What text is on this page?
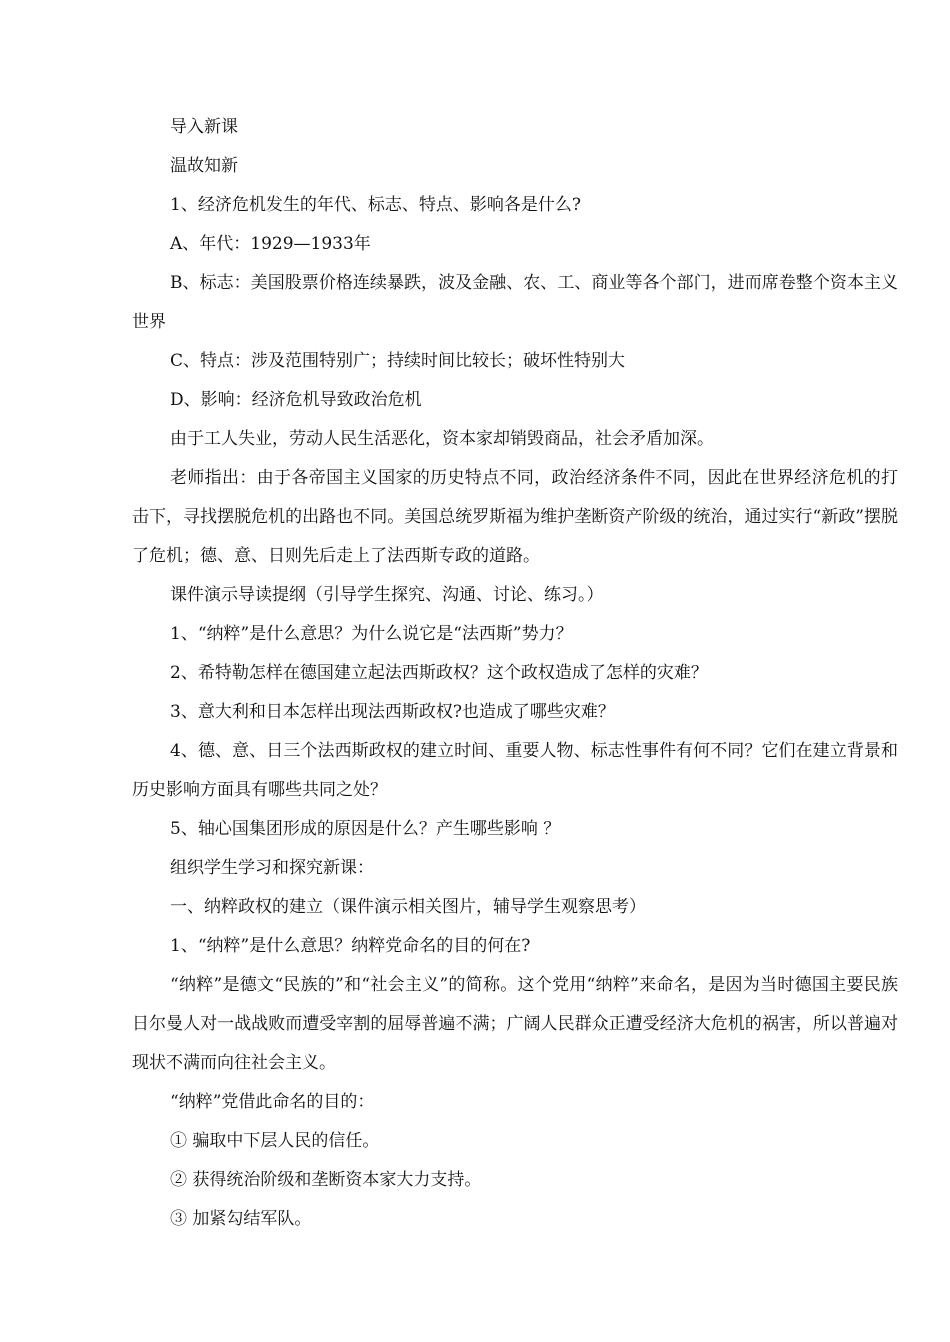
导入新课

温故知新

1、经济危机发生的年代、标志、特点、影响各是什么?

A、年代：1929—1933年

B、标志：美国股票价格连续暴跌，波及金融、农、工、商业等各个部门，进而席卷整个资本主义世界

C、特点：涉及范围特别广；持续时间比较长；破坏性特别大

D、影响：经济危机导致政治危机

由于工人失业，劳动人民生活恶化，资本家却销毁商品，社会矛盾加深。

老师指出：由于各帝国主义国家的历史特点不同，政治经济条件不同，因此在世界经济危机的打击下，寻找摆脱危机的出路也不同。美国总统罗斯福为维护垄断资产阶级的统治，通过实行“新政”摆脱了危机；德、意、日则先后走上了法西斯专政的道路。

课件演示导读提纲（引导学生探究、沟通、讨论、练习。）

1、“纳粹”是什么意思？为什么说它是“法西斯”势力？

2、希特勒怎样在德国建立起法西斯政权？这个政权造成了怎样的灾难？

3、意大利和日本怎样出现法西斯政权?也造成了哪些灾难？

4、德、意、日三个法西斯政权的建立时间、重要人物、标志性事件有何不同？它们在建立背景和历史影响方面具有哪些共同之处？

5、轴心国集团形成的原因是什么？产生哪些影响 ？

组织学生学习和探究新课：

一、纳粹政权的建立（课件演示相关图片，辅导学生观察思考）

1、“纳粹”是什么意思？纳粹党命名的目的何在?

“纳粹”是德文“民族的”和“社会主义”的简称。这个党用“纳粹”来命名，是因为当时德国主要民族日尔曼人对一战战败而遭受宰割的屈辱普遍不满；广阔人民群众正遭受经济大危机的祸害，所以普遍对现状不满而向往社会主义。

“纳粹”党借此命名的目的：

① 骗取中下层人民的信任。

② 获得统治阶级和垄断资本家大力支持。

③ 加紧勾结军队。
